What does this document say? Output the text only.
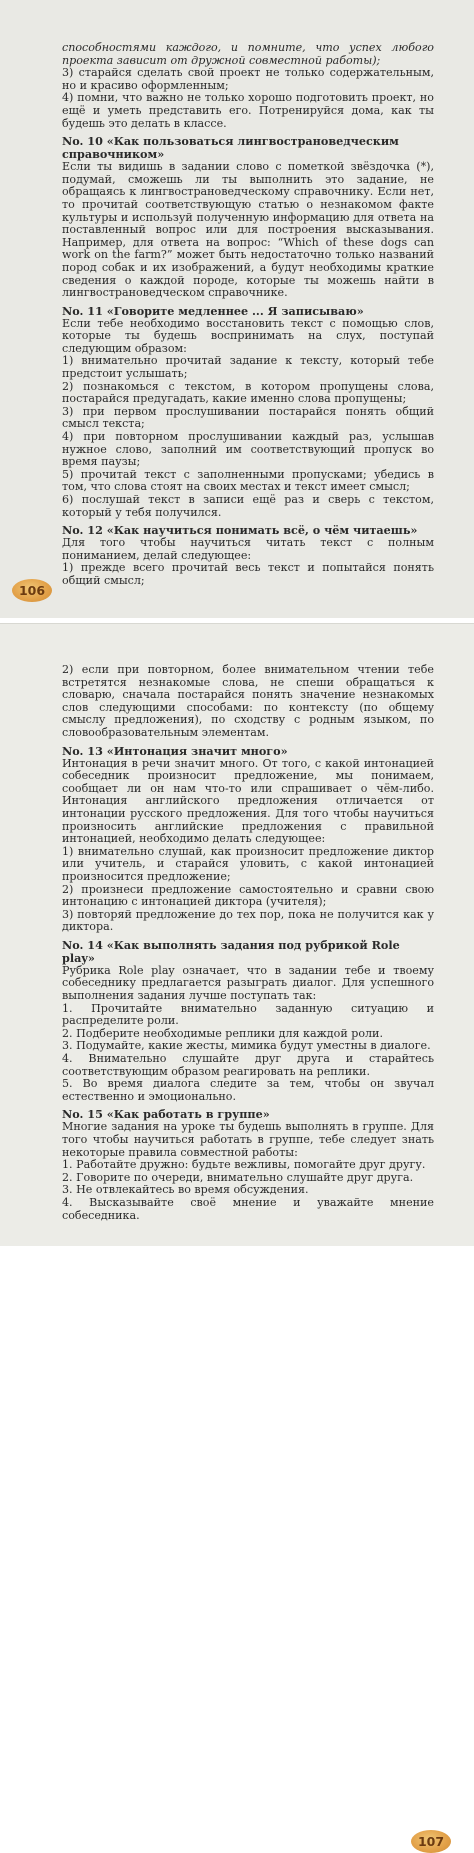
способностями каждого, и помните, что успех любого проекта зависит от дружной совместной работы);

3) старайся сделать свой проект не только содержательным, но и красиво оформленным;

4) помни, что важно не только хорошо подготовить проект, но ещё и уметь представить его. Потренируйся дома, как ты будешь это делать в классе.

No. 10 «Как пользоваться лингвострановедческим справочником»

Если ты видишь в задании слово с пометкой звёздочка (*), подумай, сможешь ли ты выполнить это задание, не обращаясь к лингвострановедческому справочнику. Если нет, то прочитай соответствующую статью о незнакомом факте культуры и используй полученную информацию для ответа на поставленный вопрос или для построения высказывания. Например, для ответа на вопрос: “Which of these dogs can work on the farm?” может быть недостаточно только названий пород собак и их изображений, а будут необходимы краткие сведения о каждой породе, которые ты можешь найти в лингвострановедческом справочнике.

No. 11 «Говорите медленнее ... Я записываю»

Если тебе необходимо восстановить текст с помощью слов, которые ты будешь воспринимать на слух, поступай следующим образом:

1) внимательно прочитай задание к тексту, который тебе предстоит услышать;

2) познакомься с текстом, в котором пропущены слова, постарайся предугадать, какие именно слова пропущены;

3) при первом прослушивании постарайся понять общий смысл текста;

4) при повторном прослушивании каждый раз, услышав нужное слово, заполний им соответствующий пропуск во время паузы;

5) прочитай текст с заполненными пропусками; убедись в том, что слова стоят на своих местах и текст имеет смысл;

6) послушай текст в записи ещё раз и сверь с текстом, который у тебя получился.

No. 12 «Как научиться понимать всё, о чём читаешь»

Для того чтобы научиться читать текст с полным пониманием, делай следующее:

1) прежде всего прочитай весь текст и попытайся понять общий смысл;

106

2) если при повторном, более внимательном чтении тебе встретятся незнакомые слова, не спеши обращаться к словарю, сначала постарайся понять значение незнакомых слов следующими способами: по контексту (по общему смыслу предложения), по сходству с родным языком, по словообразовательным элементам.

No. 13 «Интонация значит много»

Интонация в речи значит много. От того, с какой интонацией собеседник произносит предложение, мы понимаем, сообщает ли он нам что-то или спрашивает о чём-либо. Интонация английского предложения отличается от интонации русского предложения. Для того чтобы научиться произносить английские предложения с правильной интонацией, необходимо делать следующее:

1) внимательно слушай, как произносит предложение диктор или учитель, и старайся уловить, с какой интонацией произносится предложение;

2) произнеси предложение самостоятельно и сравни свою интонацию с интонацией диктора (учителя);

3) повторяй предложение до тех пор, пока не получится как у диктора.

No. 14 «Как выполнять задания под рубрикой Role play»

Рубрика Role play означает, что в задании тебе и твоему собеседнику предлагается разыграть диалог. Для успешного выполнения задания лучше поступать так:

1. Прочитайте внимательно заданную ситуацию и распределите роли.

2. Подберите необходимые реплики для каждой роли.

3. Подумайте, какие жесты, мимика будут уместны в диалоге.

4. Внимательно слушайте друг друга и старайтесь соответствующим образом реагировать на реплики.

5. Во время диалога следите за тем, чтобы он звучал естественно и эмоционально.

No. 15 «Как работать в группе»

Многие задания на уроке ты будешь выполнять в группе. Для того чтобы научиться работать в группе, тебе следует знать некоторые правила совместной работы:

1. Работайте дружно: будьте вежливы, помогайте друг другу.

2. Говорите по очереди, внимательно слушайте друг друга.

3. Не отвлекайтесь во время обсуждения.

4. Высказывайте своё мнение и уважайте мнение собеседника.

107
